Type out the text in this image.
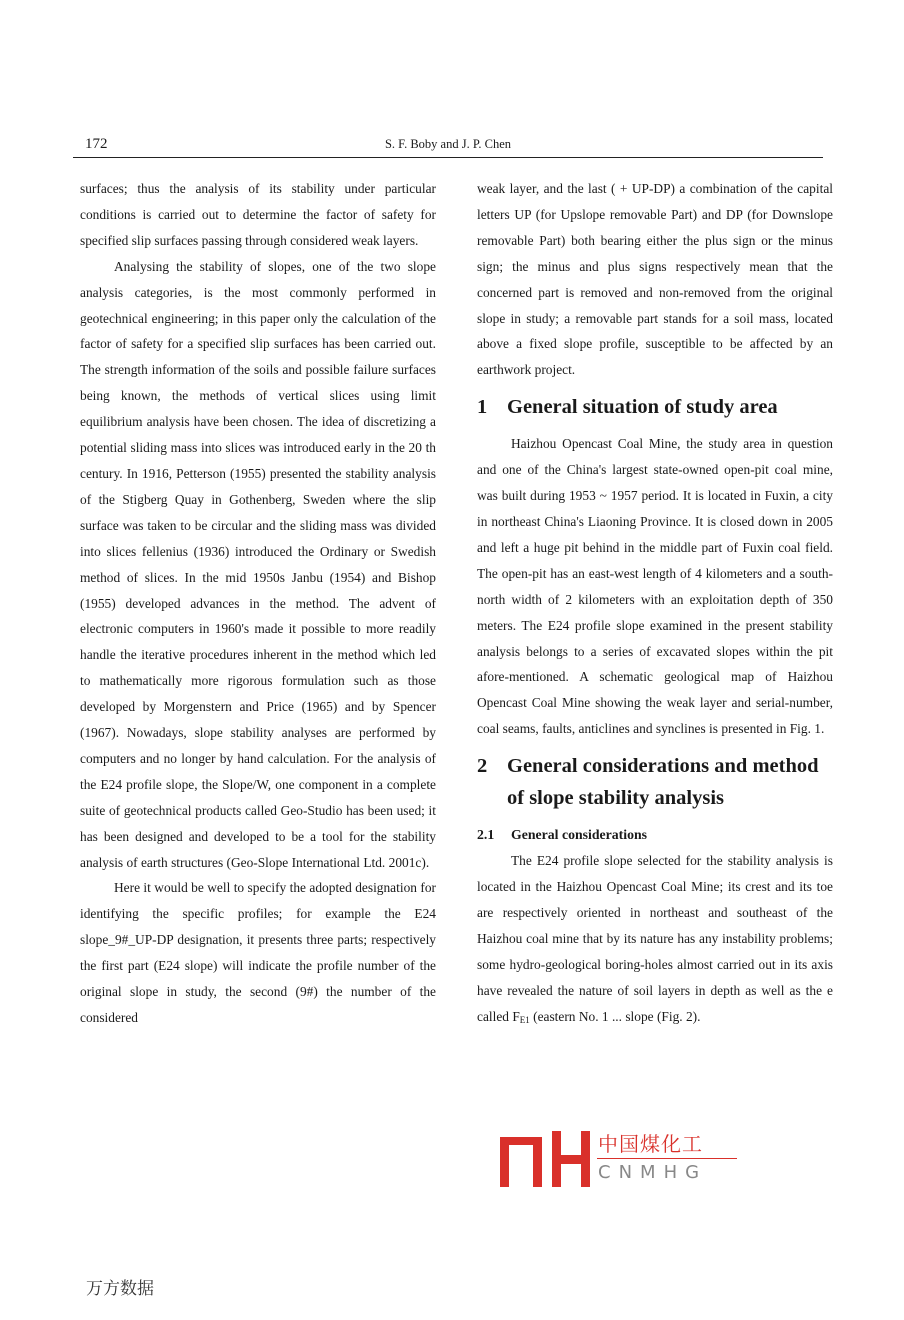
172	S. F. Boby and J. P. Chen

surfaces; thus the analysis of its stability under particular conditions is carried out to determine the factor of safety for specified slip surfaces passing through considered weak layers.

Analysing the stability of slopes, one of the two slope analysis categories, is the most commonly performed in geotechnical engineering; in this paper only the calculation of the factor of safety for a specified slip surfaces has been carried out. The strength information of the soils and possible failure surfaces being known, the methods of vertical slices using limit equilibrium analysis have been chosen. The idea of discretizing a potential sliding mass into slices was introduced early in the 20 th century. In 1916, Petterson (1955) presented the stability analysis of the Stigberg Quay in Gothenberg, Sweden where the slip surface was taken to be circular and the sliding mass was divided into slices fellenius (1936) introduced the Ordinary or Swedish method of slices. In the mid 1950s Janbu (1954) and Bishop (1955) developed advances in the method. The advent of electronic computers in 1960's made it possible to more readily handle the iterative procedures inherent in the method which led to mathematically more rigorous formulation such as those developed by Morgenstern and Price (1965) and by Spencer (1967). Nowadays, slope stability analyses are performed by computers and no longer by hand calculation. For the analysis of the E24 profile slope, the Slope/W, one component in a complete suite of geotechnical products called Geo-Studio has been used; it has been designed and developed to be a tool for the stability analysis of earth structures (Geo-Slope International Ltd. 2001c).

Here it would be well to specify the adopted designation for identifying the specific profiles; for example the E24 slope_9#_UP-DP designation, it presents three parts; respectively the first part (E24 slope) will indicate the profile number of the original slope in study, the second (9#) the number of the considered

weak layer, and the last ( + UP-DP) a combination of the capital letters UP (for Upslope removable Part) and DP (for Downslope removable Part) both bearing either the plus sign or the minus sign; the minus and plus signs respectively mean that the concerned part is removed and non-removed from the original slope in study; a removable part stands for a soil mass, located above a fixed slope profile, susceptible to be affected by an earthwork project.

1 General situation of study area

Haizhou Opencast Coal Mine, the study area in question and one of the China's largest state-owned open-pit coal mine, was built during 1953 ~ 1957 period. It is located in Fuxin, a city in northeast China's Liaoning Province. It is closed down in 2005 and left a huge pit behind in the middle part of Fuxin coal field. The open-pit has an east-west length of 4 kilometers and a south-north width of 2 kilometers with an exploitation depth of 350 meters. The E24 profile slope examined in the present stability analysis belongs to a series of excavated slopes within the pit afore-mentioned. A schematic geological map of Haizhou Opencast Coal Mine showing the weak layer and serial-number, coal seams, faults, anticlines and synclines is presented in Fig. 1.

2 General considerations and method of slope stability analysis
2.1 General considerations

The E24 profile slope selected for the stability analysis is located in the Haizhou Opencast Coal Mine; its crest and its toe are respectively oriented in northeast and southeast of the Haizhou coal mine that by its nature has any instability problems; some hydro-geological boring-holes almost carried out in its axis have revealed the nature of soil layers in depth as well as the e called $F_{E1}$ (eastern No. 1 ... slope (Fig. 2).

中国煤化工
CNMHG
万方数据
